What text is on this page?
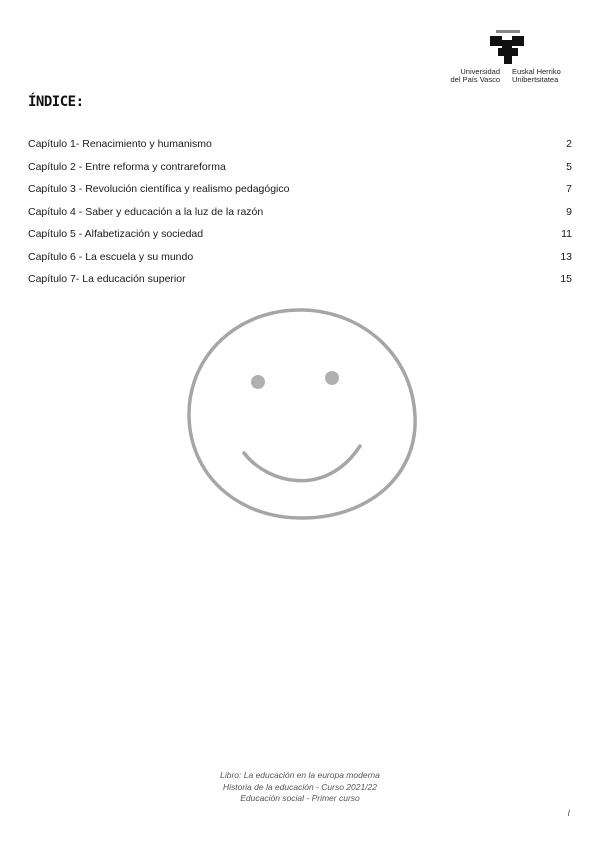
Universidad
del País Vasco
Euskal Herriko
Unibertsitatea
ÍNDICE:
Capítulo 1- Renacimiento y humanismo	2
Capítulo 2 - Entre reforma y contrareforma	5
Capítulo 3 - Revolución científica y realismo pedagógico	7
Capítulo 4 - Saber y educación a la luz de la razón	9
Capítulo 5 - Alfabetización y sociedad	11
Capítulo 6 - La escuela y su mundo	13
Capítulo 7- La educación superior	15
Libro: La educación en la europa moderna
Historia de la educación - Curso 2021/22
Educación social - Primer curso
I
